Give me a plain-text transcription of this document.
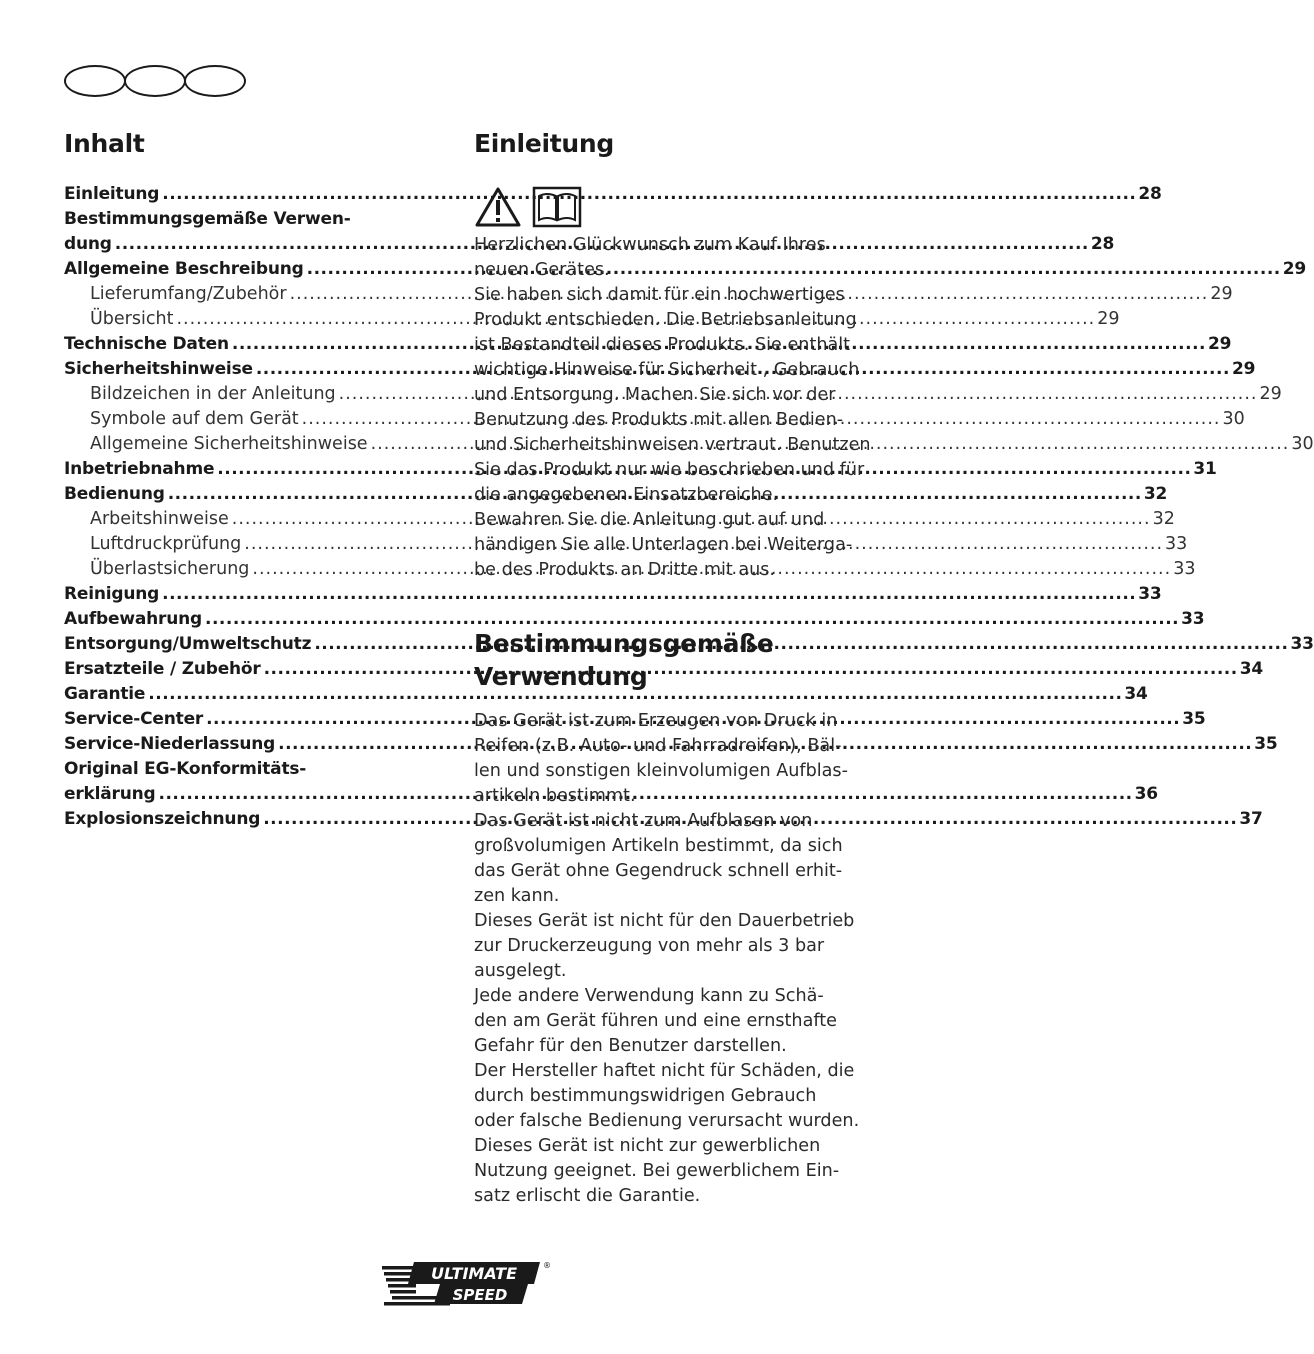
Inhalt
Einleitung .....	28
Bestimmungsgemäße Verwen-
dung .....	28
Allgemeine Beschreibung .....	29
Lieferumfang/Zubehör .....	29
Übersicht .....	29
Technische Daten .....	29
Sicherheitshinweise .....	29
Bildzeichen in der Anleitung .....	29
Symbole auf dem Gerät .....	30
Allgemeine Sicherheitshinweise .....	30
Inbetriebnahme .....	31
Bedienung .....	32
Arbeitshinweise .....	32
Luftdruckprüfung .....	33
Überlastsicherung .....	33
Reinigung .....	33
Aufbewahrung .....	33
Entsorgung/Umweltschutz .....	33
Ersatzteile / Zubehör .....	34
Garantie .....	34
Service-Center .....	35
Service-Niederlassung .....	35
Original EG-Konformitäts-
erklärung .....	36
Explosionszeichnung .....	37
Einleitung

Herzlichen Glückwunsch zum Kauf Ihres

neuen Gerätes.

Sie haben sich damit für ein hochwertiges

Produkt entschieden. Die Betriebsanleitung

ist Bestandteil dieses Produkts. Sie enthält

wichtige Hinweise für Sicherheit , Gebrauch

und Entsorgung. Machen Sie sich vor der

Benutzung des Produkts mit allen Bedien-

und Sicherheitshinweisen vertraut. Benutzen

Sie das Produkt nur wie beschrieben und für

die angegebenen Einsatzbereiche.

Bewahren Sie die Anleitung gut auf und

händigen Sie alle Unterlagen bei Weiterga-

be des Produkts an Dritte mit aus.

Bestimmungsgemäße
Verwendung

Das Gerät ist zum Erzeugen von Druck in

Reifen (z.B. Auto- und Fahrradreifen), Bäl-

len und sonstigen kleinvolumigen Aufblas-

artikeln bestimmt.

Das Gerät ist nicht zum Aufblasen von

großvolumigen Artikeln bestimmt, da sich

das Gerät ohne Gegendruck schnell erhit-

zen kann.

Dieses Gerät ist nicht für den Dauerbetrieb

zur Druckerzeugung von mehr als 3 bar

ausgelegt.

Jede andere Verwendung kann zu Schä-

den am Gerät führen und eine ernsthafte

Gefahr für den Benutzer darstellen.

Der Hersteller haftet nicht für Schäden, die

durch bestimmungswidrigen Gebrauch

oder falsche Bedienung verursacht wurden.

Dieses Gerät ist nicht zur gewerblichen

Nutzung geeignet. Bei gewerblichem Ein-

satz erlischt die Garantie.

ULTIMATE
SPEED
®
